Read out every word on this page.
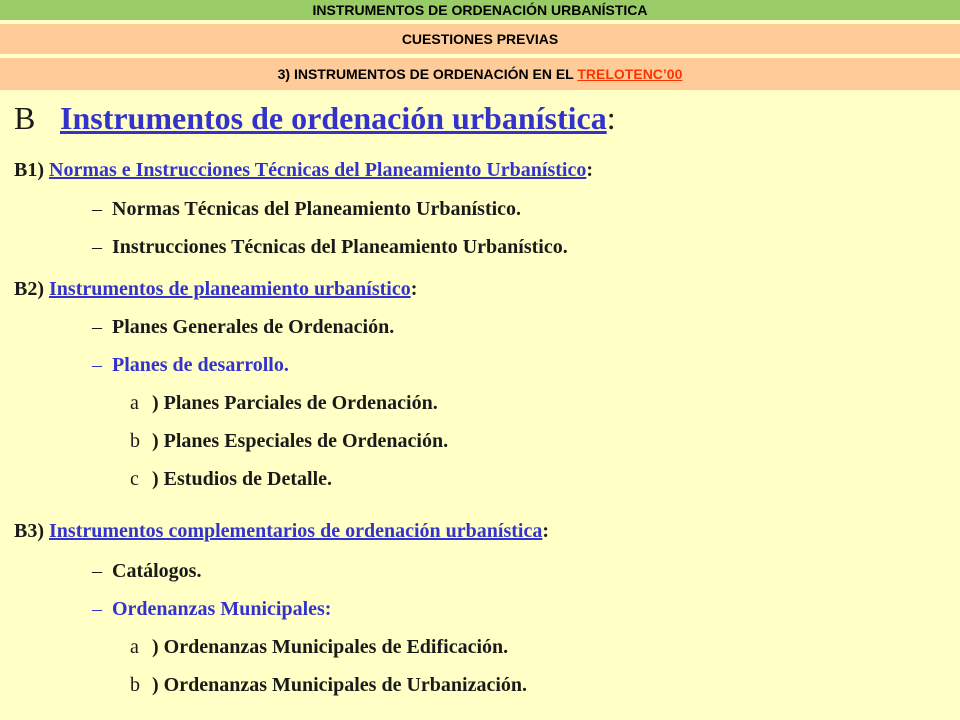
INSTRUMENTOS DE ORDENACIÓN URBANÍSTICA
CUESTIONES PREVIAS
3) INSTRUMENTOS DE ORDENACIÓN EN EL TRELOTENC’00
B Instrumentos de ordenación urbanística:
B1) Normas e Instrucciones Técnicas del Planeamiento Urbanístico:
– Normas Técnicas del Planeamiento Urbanístico.
– Instrucciones Técnicas del Planeamiento Urbanístico.
B2) Instrumentos de planeamiento urbanístico:
– Planes Generales de Ordenación.
– Planes de desarrollo.
a ) Planes Parciales de Ordenación.
b ) Planes Especiales de Ordenación.
c ) Estudios de Detalle.
B3) Instrumentos complementarios de ordenación urbanística:
– Catálogos.
– Ordenanzas Municipales:
a ) Ordenanzas Municipales de Edificación.
b ) Ordenanzas Municipales de Urbanización.
